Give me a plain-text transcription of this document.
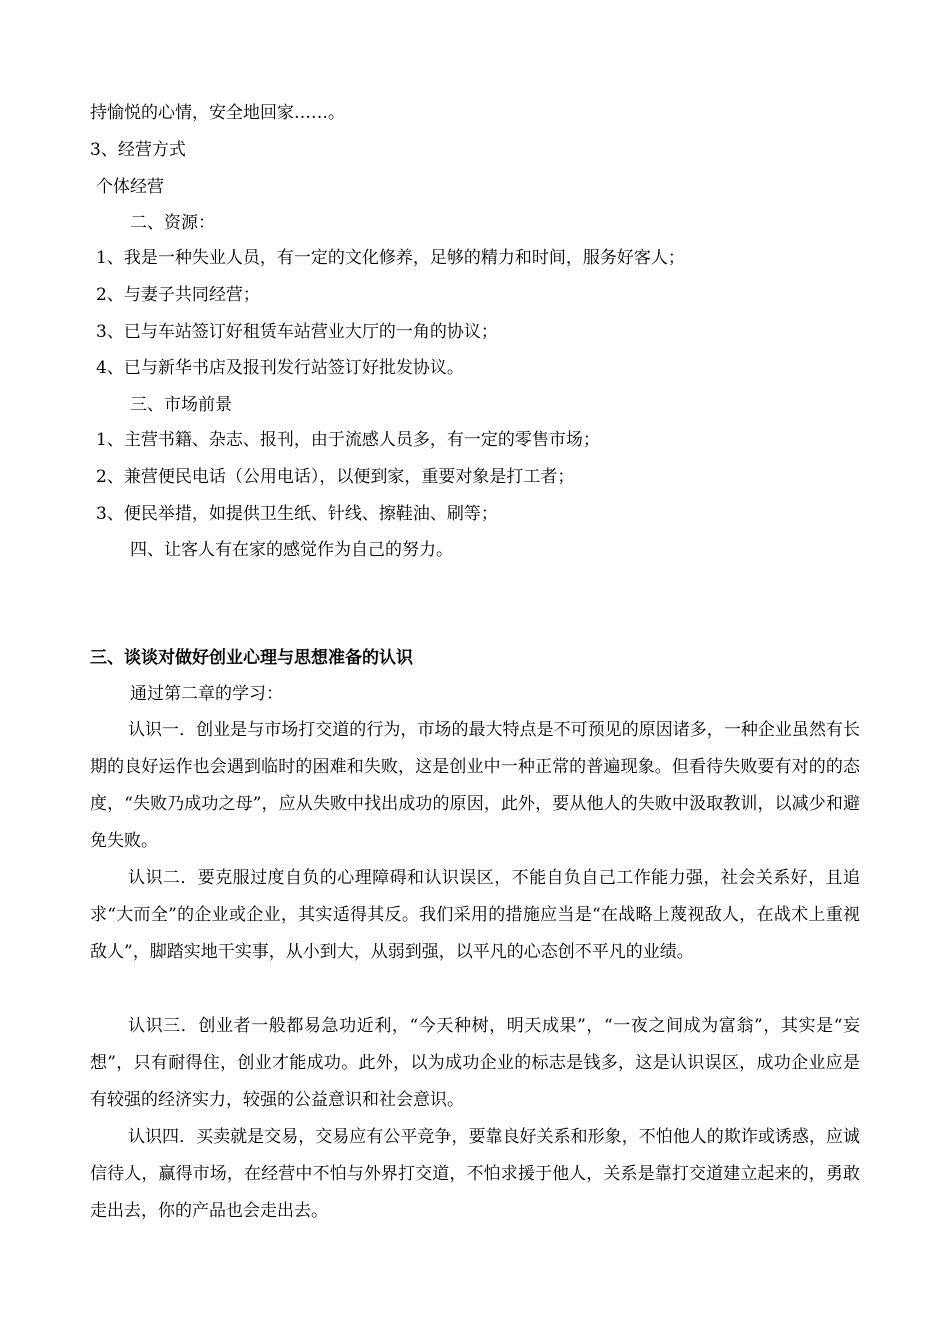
持愉悦的心情，安全地回家……。
3、经营方式
个体经营
二、资源：
1、我是一种失业人员，有一定的文化修养，足够的精力和时间，服务好客人；
2、与妻子共同经营；
3、已与车站签订好租赁车站营业大厅的一角的协议；
4、已与新华书店及报刊发行站签订好批发协议。
三、市场前景
1、主营书籍、杂志、报刊，由于流感人员多，有一定的零售市场；
2、兼营便民电话（公用电话），以便到家，重要对象是打工者；
3、便民举措，如提供卫生纸、针线、擦鞋油、刷等；
四、让客人有在家的感觉作为自己的努力。
三、谈谈对做好创业心理与思想准备的认识
通过第二章的学习：
认识一．创业是与市场打交道的行为，市场的最大特点是不可预见的原因诸多，一种企业虽然有长期的良好运作也会遇到临时的困难和失败，这是创业中一种正常的普遍现象。但看待失败要有对的的态度，“失败乃成功之母”，应从失败中找出成功的原因，此外，要从他人的失败中汲取教训，以减少和避免失败。
认识二．要克服过度自负的心理障碍和认识误区，不能自负自己工作能力强，社会关系好，且追求“大而全”的企业或企业，其实适得其反。我们采用的措施应当是“在战略上蔑视敌人，在战术上重视敌人”，脚踏实地干实事，从小到大，从弱到强，以平凡的心态创不平凡的业绩。
认识三．创业者一般都易急功近利，“今天种树，明天成果”，“一夜之间成为富翁”，其实是“妄想”，只有耐得住，创业才能成功。此外，以为成功企业的标志是钱多，这是认识误区，成功企业应是有较强的经济实力，较强的公益意识和社会意识。
认识四．买卖就是交易，交易应有公平竞争，要靠良好关系和形象，不怕他人的欺诈或诱惑，应诚信待人，赢得市场，在经营中不怕与外界打交道，不怕求援于他人，关系是靠打交道建立起来的，勇敢走出去，你的产品也会走出去。
